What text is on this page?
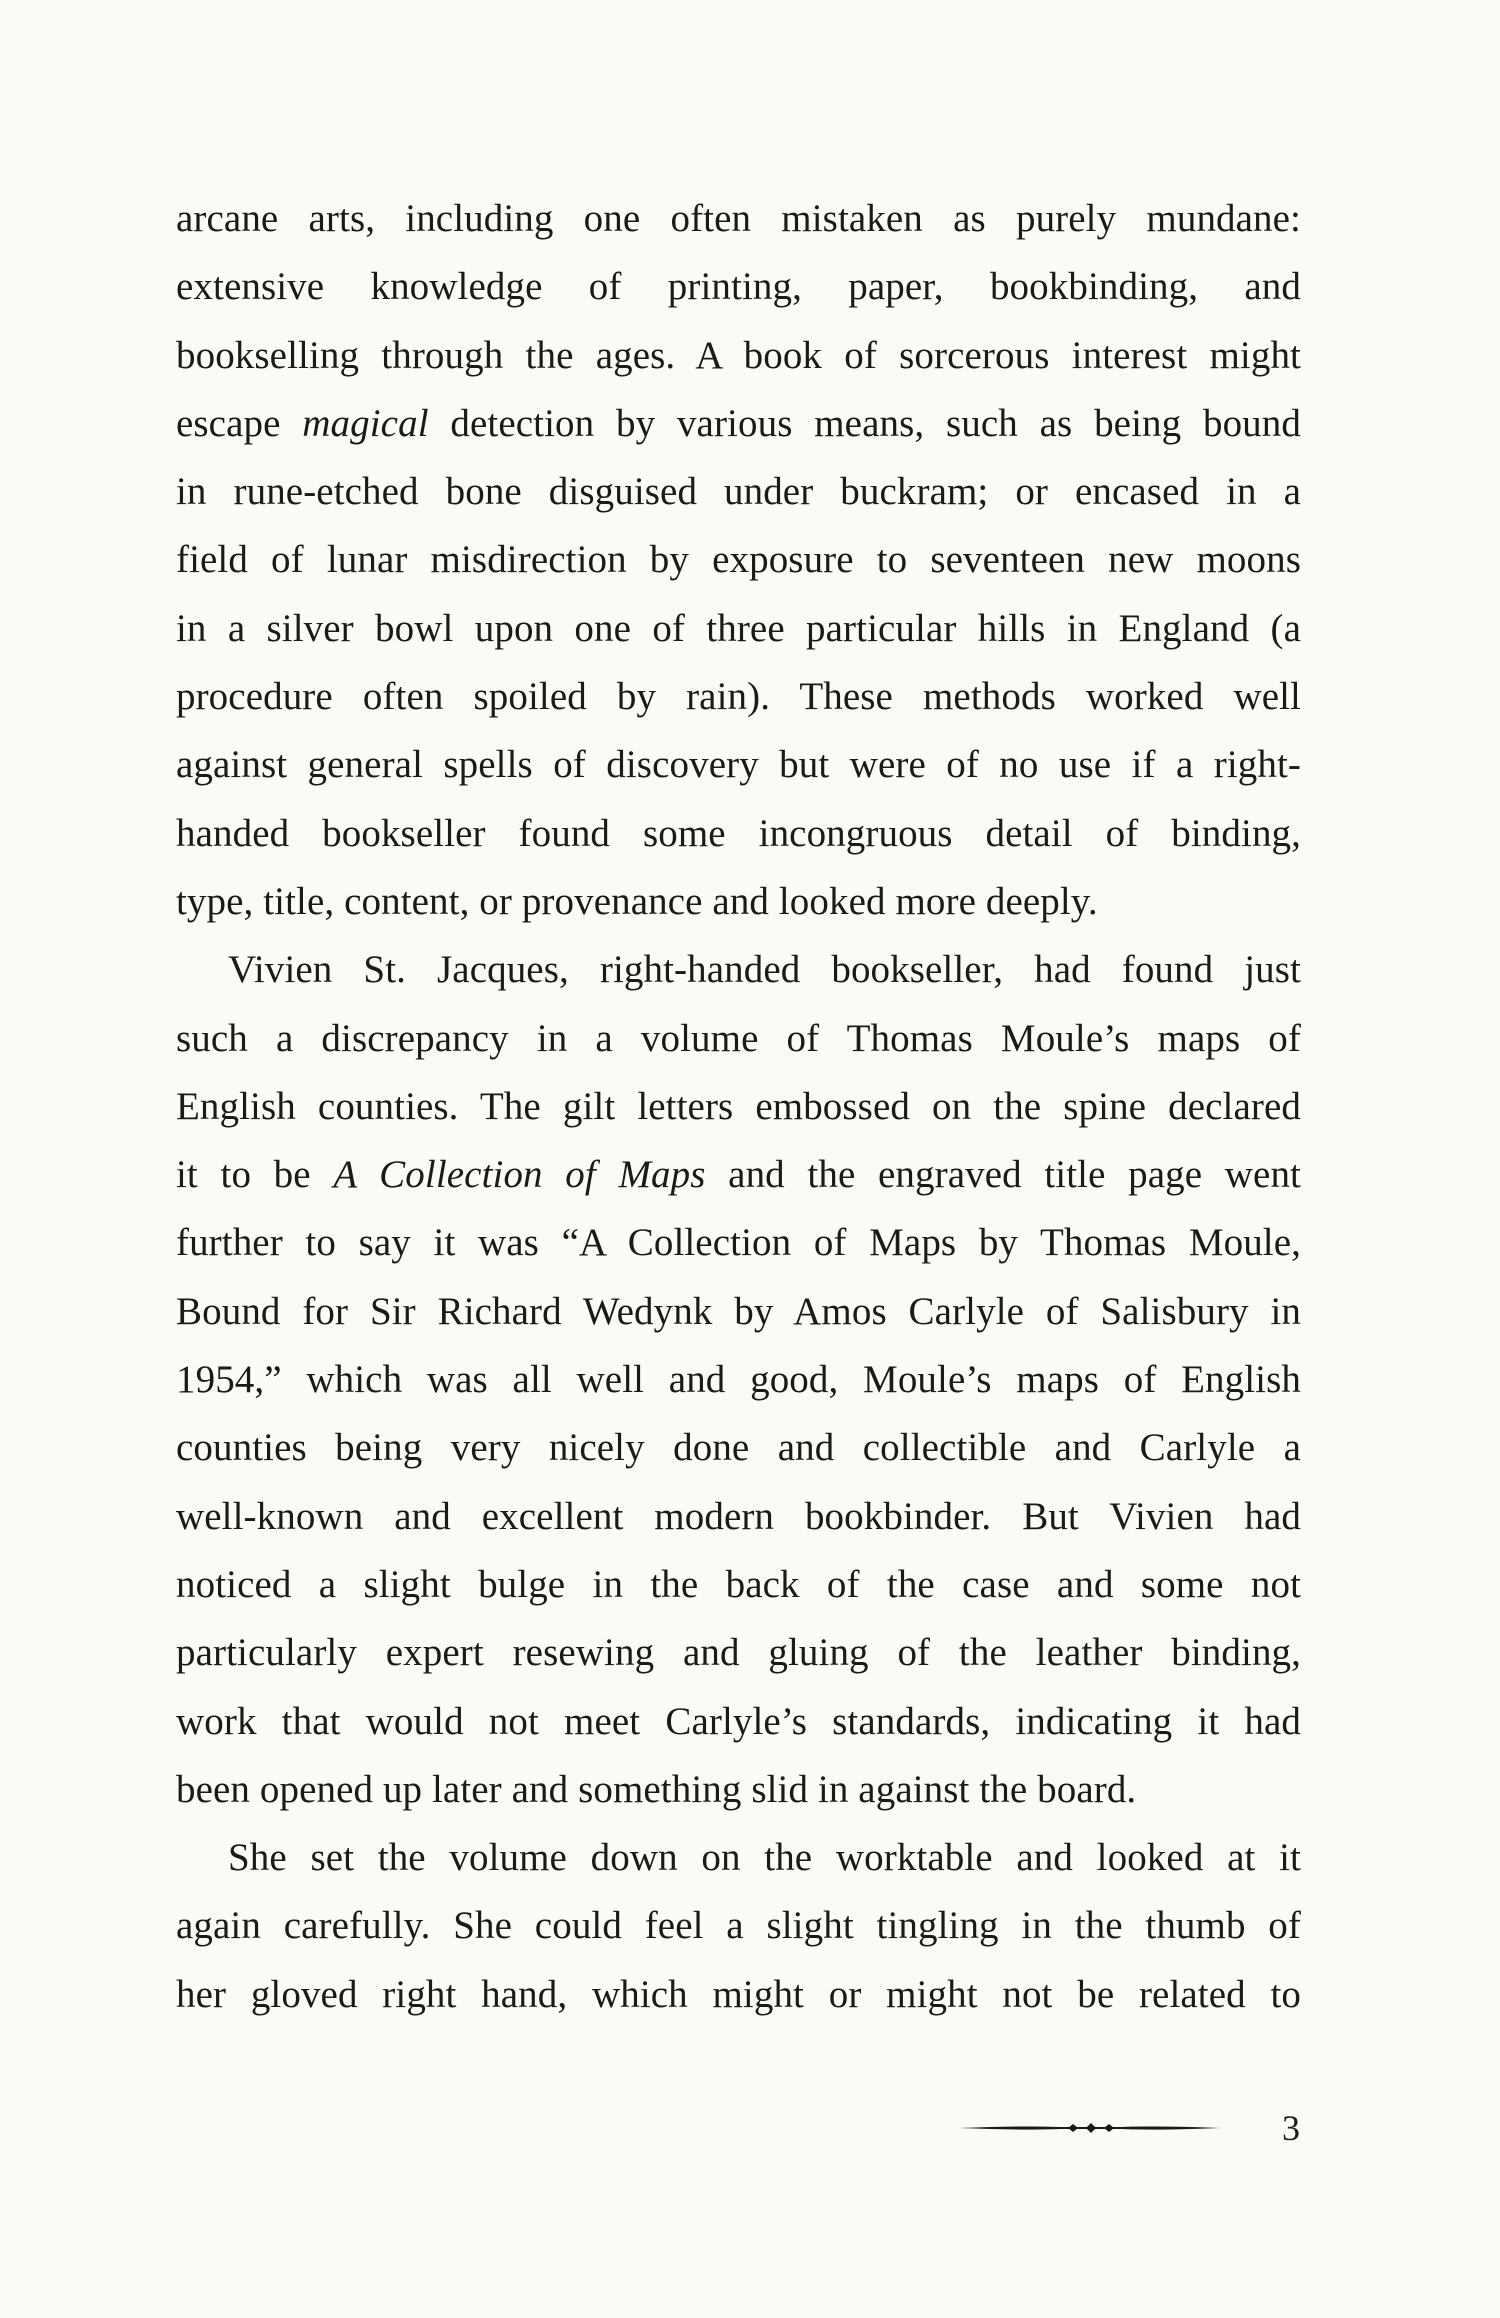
arcane arts, including one often mistaken as purely mundane:
extensive knowledge of printing, paper, bookbinding, and
bookselling through the ages. A book of sorcerous interest might
escape magical detection by various means, such as being bound
in rune-etched bone disguised under buckram; or encased in a
field of lunar misdirection by exposure to seventeen new moons
in a silver bowl upon one of three particular hills in England (a
procedure often spoiled by rain). These methods worked well
against general spells of discovery but were of no use if a right-
handed bookseller found some incongruous detail of binding,
type, title, content, or provenance and looked more deeply.
Vivien St. Jacques, right-handed bookseller, had found just
such a discrepancy in a volume of Thomas Moule’s maps of
English counties. The gilt letters embossed on the spine declared
it to be A Collection of Maps and the engraved title page went
further to say it was “A Collection of Maps by Thomas Moule,
Bound for Sir Richard Wedynk by Amos Carlyle of Salisbury in
1954,” which was all well and good, Moule’s maps of English
counties being very nicely done and collectible and Carlyle a
well-known and excellent modern bookbinder. But Vivien had
noticed a slight bulge in the back of the case and some not
particularly expert resewing and gluing of the leather binding,
work that would not meet Carlyle’s standards, indicating it had
been opened up later and something slid in against the board.
She set the volume down on the worktable and looked at it
again carefully. She could feel a slight tingling in the thumb of
her gloved right hand, which might or might not be related to
3
